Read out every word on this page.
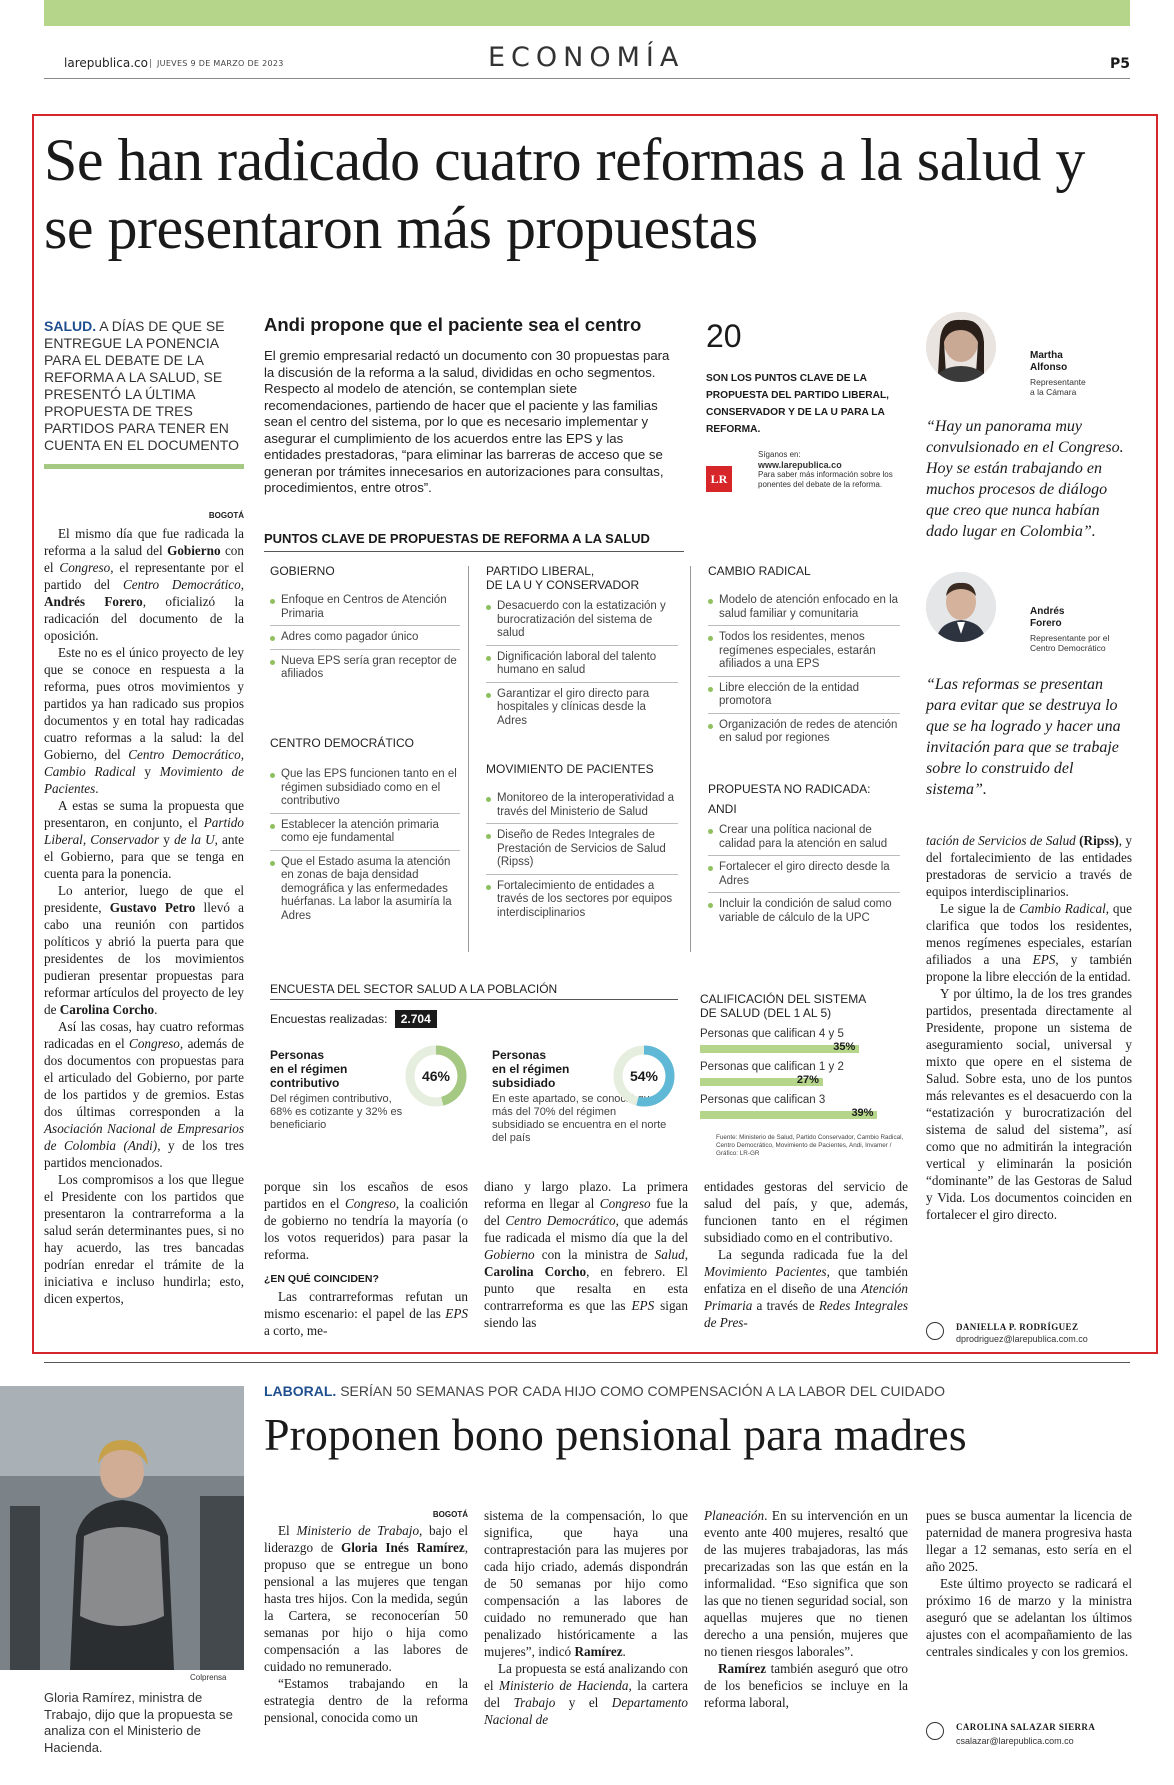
larepublica.co	JUEVES 9 DE MARZO DE 2023	ECONOMÍA	P5
Se han radicado cuatro reformas a la salud y se presentaron más propuestas
SALUD. A DÍAS DE QUE SE ENTREGUE LA PONENCIA PARA EL DEBATE DE LA REFORMA A LA SALUD, SE PRESENTÓ LA ÚLTIMA PROPUESTA DE TRES PARTIDOS PARA TENER EN CUENTA EN EL DOCUMENTO
BOGOTÁ

El mismo día que fue radicada la reforma a la salud del Gobierno con el Congreso, el representante por el partido del Centro Democrático, Andrés Forero, oficializó la radicación del documento de la oposición.

Este no es el único proyecto de ley que se conoce en respuesta a la reforma, pues otros movimientos y partidos ya han radicado sus propios documentos y en total hay radicadas cuatro reformas a la salud: la del Gobierno, del Centro Democrático, Cambio Radical y Movimiento de Pacientes.

A estas se suma la propuesta que presentaron, en conjunto, el Partido Liberal, Conservador y de la U, ante el Gobierno, para que se tenga en cuenta para la ponencia.

Lo anterior, luego de que el presidente, Gustavo Petro llevó a cabo una reunión con partidos políticos y abrió la puerta para que presidentes de los movimientos pudieran presentar propuestas para reformar artículos del proyecto de ley de Carolina Corcho.

Así las cosas, hay cuatro reformas radicadas en el Congreso, además de dos documentos con propuestas para el articulado del Gobierno, por parte de los partidos y de gremios. Estas dos últimas corresponden a la Asociación Nacional de Empresarios de Colombia (Andi), y de los tres partidos mencionados.

Los compromisos a los que llegue el Presidente con los partidos que presentaron la contrarreforma a la salud serán determinantes pues, si no hay acuerdo, las tres bancadas podrían enredar el trámite de la iniciativa e incluso hundirla; esto, dicen expertos,

Andi propone que el paciente sea el centro
El gremio empresarial redactó un documento con 30 propuestas para la discusión de la reforma a la salud, divididas en ocho segmentos. Respecto al modelo de atención, se contemplan siete recomendaciones, partiendo de hacer que el paciente y las familias sean el centro del sistema, por lo que es necesario implementar y asegurar el cumplimiento de los acuerdos entre las EPS y las entidades prestadoras, “para eliminar las barreras de acceso que se generan por trámites innecesarios en autorizaciones para consultas, procedimientos, entre otros”.
20
SON LOS PUNTOS CLAVE DE LA PROPUESTA DEL PARTIDO LIBERAL, CONSERVADOR Y DE LA U PARA LA REFORMA.
LR
Síganos en:
www.larepublica.co
Para saber más información sobre los ponentes del debate de la reforma.
Martha
Alfonso
Representante
a la Cámara
“Hay un panorama muy convulsionado en el Congreso. Hoy se están trabajando en muchos procesos de diálogo que creo que nunca habían dado lugar en Colombia”.
Andrés
Forero
Representante por el
Centro Democrático
“Las reformas se presentan para evitar que se destruya lo que se ha logrado y hacer una invitación para que se trabaje sobre lo construido del sistema”.
PUNTOS CLAVE DE PROPUESTAS DE REFORMA A LA SALUD
GOBIERNO
Enfoque en Centros de Atención Primaria
Adres como pagador único
Nueva EPS sería gran receptor de afiliados
CENTRO DEMOCRÁTICO
Que las EPS funcionen tanto en el régimen subsidiado como en el contributivo
Establecer la atención primaria como eje fundamental
Que el Estado asuma la atención en zonas de baja densidad demográfica y las enfermedades huérfanas. La labor la asumiría la Adres
PARTIDO LIBERAL,
DE LA U Y CONSERVADOR
Desacuerdo con la estatización y burocratización del sistema de salud
Dignificación laboral del talento humano en salud
Garantizar el giro directo para hospitales y clínicas desde la Adres
MOVIMIENTO DE PACIENTES
Monitoreo de la interoperatividad a través del Ministerio de Salud
Diseño de Redes Integrales de Prestación de Servicios de Salud (Ripss)
Fortalecimiento de entidades a través de los sectores por equipos interdisciplinarios
CAMBIO RADICAL
Modelo de atención enfocado en la salud familiar y comunitaria
Todos los residentes, menos regímenes especiales, estarán afiliados a una EPS
Libre elección de la entidad promotora
Organización de redes de atención en salud por regiones
PROPUESTA NO RADICADA:
ANDI
Crear una política nacional de calidad para la atención en salud
Fortalecer el giro directo desde la Adres
Incluir la condición de salud como variable de cálculo de la UPC
ENCUESTA DEL SECTOR SALUD A LA POBLACIÓN
Encuestas realizadas: 2.704
Personas
en el régimen
contributivo
Del régimen contributivo, 68% es cotizante y 32% es beneficiario
46%
Personas
en el régimen
subsidiado
En este apartado, se conoció que más del 70% del régimen subsidiado se encuentra en el norte del país
54%
CALIFICACIÓN DEL SISTEMA
DE SALUD (DEL 1 AL 5)
Personas que califican 4 y 5
35%
Personas que califican 1 y 2
27%
Personas que califican 3
39%
Fuente: Ministerio de Salud, Partido Conservador, Cambio Radical, Centro Democrático, Movimiento de Pacientes, Andi, Invamer / Gráfico: LR-GR

porque sin los escaños de esos partidos en el Congreso, la coalición de gobierno no tendría la mayoría (o los votos requeridos) para pasar la reforma.

¿EN QUÉ COINCIDEN?

Las contrarreformas refutan un mismo escenario: el papel de las EPS a corto, me-

diano y largo plazo. La primera reforma en llegar al Congreso fue la del Centro Democrático, que además fue radicada el mismo día que la del Gobierno con la ministra de Salud, Carolina Corcho, en febrero. El punto que resalta en esta contrarreforma es que las EPS sigan siendo las

entidades gestoras del servicio de salud del país, y que, además, funcionen tanto en el régimen subsidiado como en el contributivo.

La segunda radicada fue la del Movimiento Pacientes, que también enfatiza en el diseño de una Atención Primaria a través de Redes Integrales de Pres-

tación de Servicios de Salud (Ripss), y del fortalecimiento de las entidades prestadoras de servicio a través de equipos interdisciplinarios.

Le sigue la de Cambio Radical, que clarifica que todos los residentes, menos regímenes especiales, estarían afiliados a una EPS, y también propone la libre elección de la entidad.

Y por último, la de los tres grandes partidos, presentada directamente al Presidente, propone un sistema de aseguramiento social, universal y mixto que opere en el sistema de Salud. Sobre esta, uno de los puntos más relevantes es el desacuerdo con la “estatización y burocratización del sistema de salud del sistema”, así como que no admitirán la integración vertical y eliminarán la posición “dominante” de las Gestoras de Salud y Vida. Los documentos coinciden en fortalecer el giro directo.

DANIELLA P. RODRÍGUEZ
dprodriguez@larepublica.com.co
Colprensa
Gloria Ramírez, ministra de Trabajo, dijo que la propuesta se analiza con el Ministerio de Hacienda.
LABORAL. SERÍAN 50 SEMANAS POR CADA HIJO COMO COMPENSACIÓN A LA LABOR DEL CUIDADO
Proponen bono pensional para madres
BOGOTÁ

El Ministerio de Trabajo, bajo el liderazgo de Gloria Inés Ramírez, propuso que se entregue un bono pensional a las mujeres que tengan hasta tres hijos. Con la medida, según la Cartera, se reconocerían 50 semanas por hijo o hija como compensación a las labores de cuidado no remunerado.

“Estamos trabajando en la estrategia dentro de la reforma pensional, conocida como un

sistema de la compensación, lo que significa, que haya una contraprestación para las mujeres por cada hijo criado, además dispondrán de 50 semanas por hijo como compensación a las labores de cuidado no remunerado que han penalizado históricamente a las mujeres”, indicó Ramírez.

La propuesta se está analizando con el Ministerio de Hacienda, la cartera del Trabajo y el Departamento Nacional de

Planeación. En su intervención en un evento ante 400 mujeres, resaltó que de las mujeres trabajadoras, las más precarizadas son las que están en la informalidad. “Eso significa que son las que no tienen seguridad social, son aquellas mujeres que no tienen derecho a una pensión, mujeres que no tienen riesgos laborales”.

Ramírez también aseguró que otro de los beneficios se incluye en la reforma laboral,

pues se busca aumentar la licencia de paternidad de manera progresiva hasta llegar a 12 semanas, esto sería en el año 2025.

Este último proyecto se radicará el próximo 16 de marzo y la ministra aseguró que se adelantan los últimos ajustes con el acompañamiento de las centrales sindicales y con los gremios.

CAROLINA SALAZAR SIERRA
csalazar@larepublica.com.co
